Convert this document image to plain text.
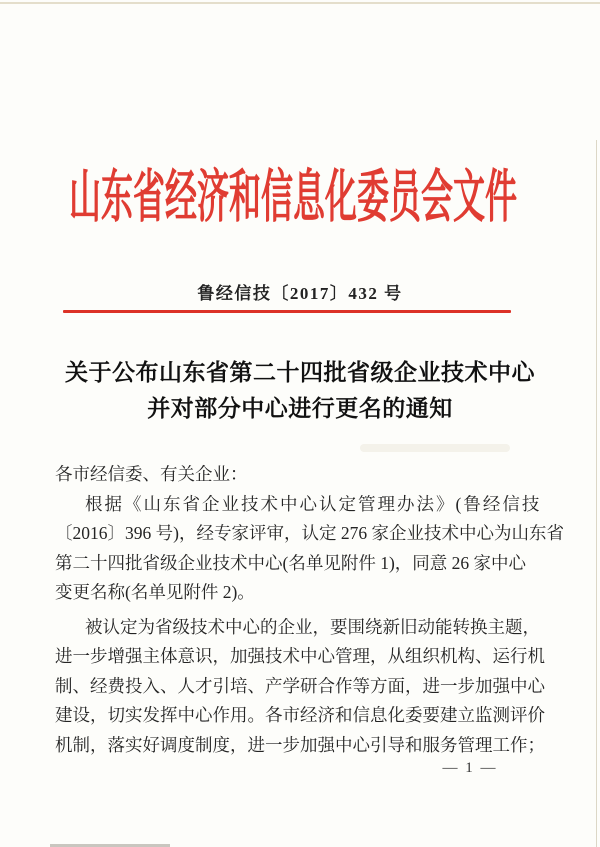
山东省经济和信息化委员会文件
鲁经信技〔2017〕432 号
关于公布山东省第二十四批省级企业技术中心
并对部分中心进行更名的通知
各市经信委、有关企业：
根据《山东省企业技术中心认定管理办法》(鲁经信技
〔2016〕396 号)，经专家评审，认定 276 家企业技术中心为山东省
第二十四批省级企业技术中心(名单见附件 1)，同意 26 家中心
变更名称(名单见附件 2)。
被认定为省级技术中心的企业，要围绕新旧动能转换主题，
进一步增强主体意识，加强技术中心管理，从组织机构、运行机
制、经费投入、人才引培、产学研合作等方面，进一步加强中心
建设，切实发挥中心作用。各市经济和信息化委要建立监测评价
机制，落实好调度制度，进一步加强中心引导和服务管理工作；
— 1 —
